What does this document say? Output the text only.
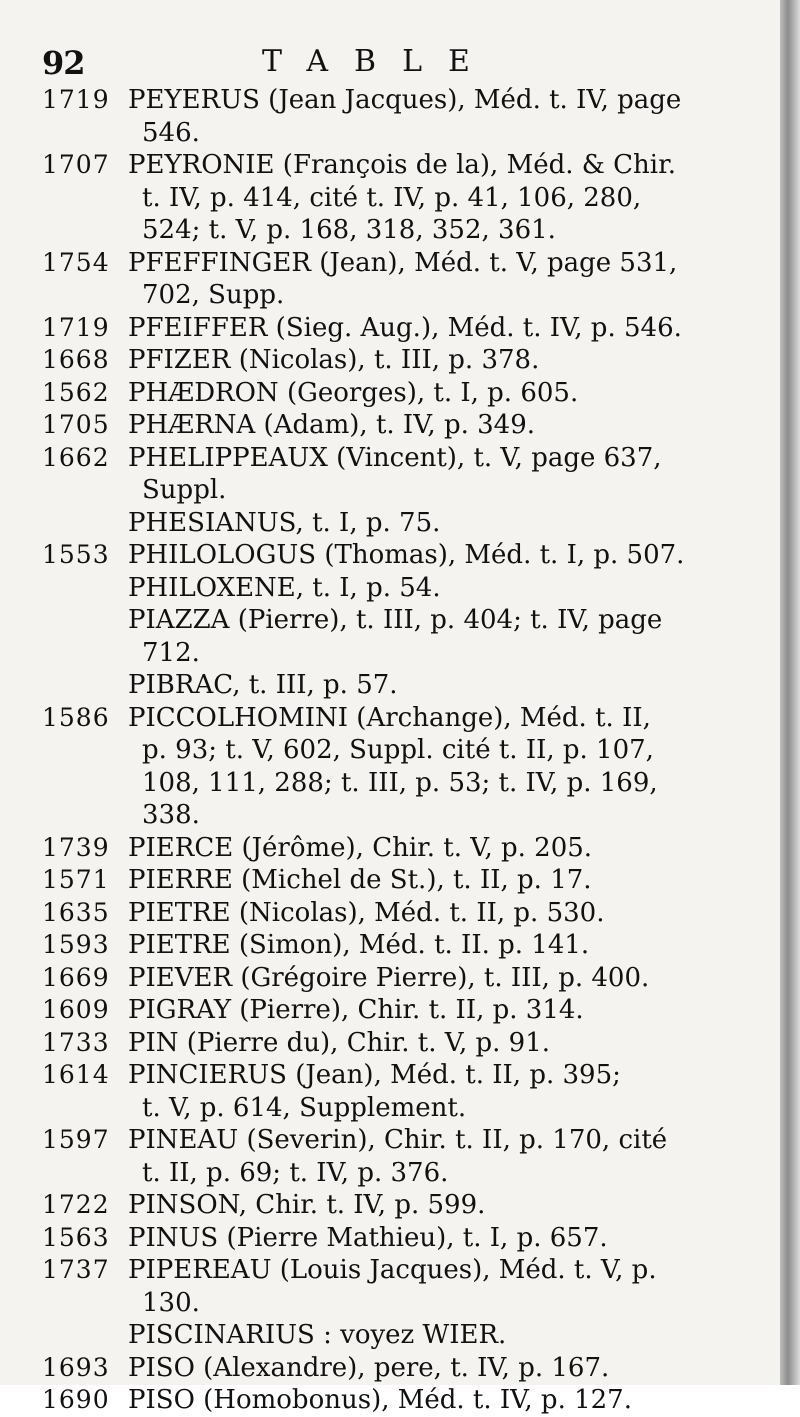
92	TABLE
1719 PEYERUS (Jean Jacques), Méd. t. IV, page
546.
1707 PEYRONIE (François de la), Méd. & Chir.
t. IV, p. 414, cité t. IV, p. 41, 106, 280,
524; t. V, p. 168, 318, 352, 361.
1754 PFEFFINGER (Jean), Méd. t. V, page 531,
702, Supp.
1719 PFEIFFER (Sieg. Aug.), Méd. t. IV, p. 546.
1668 PFIZER (Nicolas), t. III, p. 378.
1562 PHÆDRON (Georges), t. I, p. 605.
1705 PHÆRNA (Adam), t. IV, p. 349.
1662 PHELIPPEAUX (Vincent), t. V, page 637,
Suppl.
PHESIANUS, t. I, p. 75.
1553 PHILOLOGUS (Thomas), Méd. t. I, p. 507.
PHILOXENE, t. I, p. 54.
PIAZZA (Pierre), t. III, p. 404; t. IV, page
712.
PIBRAC, t. III, p. 57.
1586 PICCOLHOMINI (Archange), Méd. t. II,
p. 93; t. V, 602, Suppl. cité t. II, p. 107,
108, 111, 288; t. III, p. 53; t. IV, p. 169,
338.
1739 PIERCE (Jérôme), Chir. t. V, p. 205.
1571 PIERRE (Michel de St.), t. II, p. 17.
1635 PIETRE (Nicolas), Méd. t. II, p. 530.
1593 PIETRE (Simon), Méd. t. II. p. 141.
1669 PIEVER (Grégoire Pierre), t. III, p. 400.
1609 PIGRAY (Pierre), Chir. t. II, p. 314.
1733 PIN (Pierre du), Chir. t. V, p. 91.
1614 PINCIERUS (Jean), Méd. t. II, p. 395;
t. V, p. 614, Supplement.
1597 PINEAU (Severin), Chir. t. II, p. 170, cité
t. II, p. 69; t. IV, p. 376.
1722 PINSON, Chir. t. IV, p. 599.
1563 PINUS (Pierre Mathieu), t. I, p. 657.
1737 PIPEREAU (Louis Jacques), Méd. t. V, p.
130.
PISCINARIUS : voyez WIER.
1693 PISO (Alexandre), pere, t. IV, p. 167.
1690 PISO (Homobonus), Méd. t. IV, p. 127.
